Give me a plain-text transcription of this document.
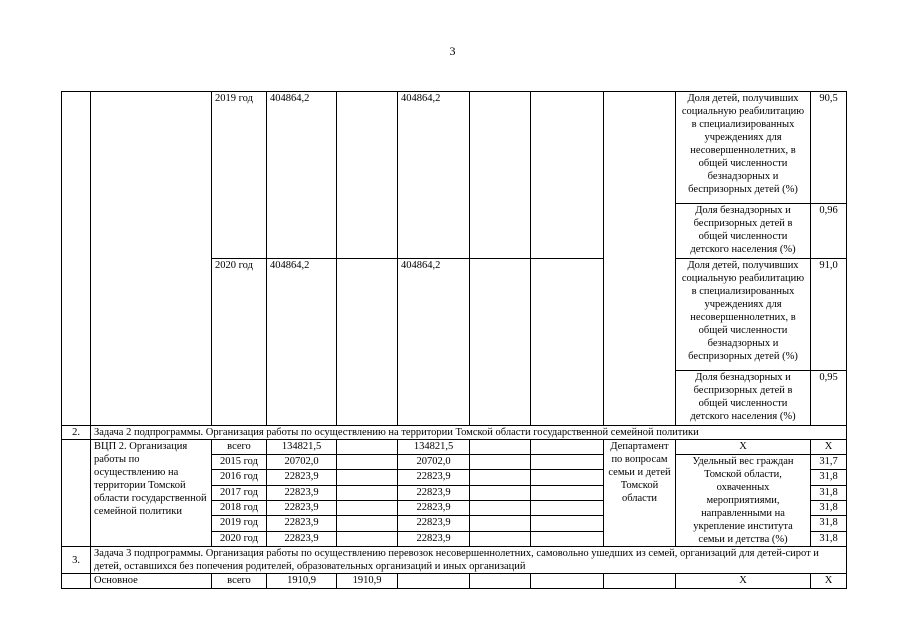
3
		2019 год	404864,2		404864,2				Доля детей, получивших социальную реабилитацию в специализированных учреждениях для несовершеннолетних, в общей численности безнадзорных и беспризорных детей (%)	90,5
									Доля безнадзорных и беспризорных детей в общей численности детского населения (%)	0,96
		2020 год	404864,2		404864,2				Доля детей, получивших социальную реабилитацию в специализированных учреждениях для несовершеннолетних, в общей численности безнадзорных и беспризорных детей (%)	91,0
									Доля безнадзорных и беспризорных детей в общей численности детского населения (%)	0,95
2.	Задача 2 подпрограммы. Организация работы по осуществлению на территории Томской области государственной семейной политики									
	ВЦП 2. Организация работы по осуществлению на территории Томской области государственной семейной политики	всего	134821,5		134821,5			Департамент по вопросам семьи и детей Томской области	Х	Х
		2015 год	20702,0		20702,0				Удельный вес граждан Томской области, охваченных мероприятиями, направленными на укрепление института семьи и детства (%)	31,7
		2016 год	22823,9		22823,9					31,8
		2017 год	22823,9		22823,9					31,8
		2018 год	22823,9		22823,9					31,8
		2019 год	22823,9		22823,9					31,8
		2020 год	22823,9		22823,9					31,8
3.	Задача 3 подпрограммы. Организация работы по осуществлению перевозок несовершеннолетних, самовольно ушедших из семей, организаций для детей-сирот и детей, оставшихся без попечения родителей, образовательных организаций и иных организаций									
	Основное	всего	1910,9	1910,9					Х	Х
